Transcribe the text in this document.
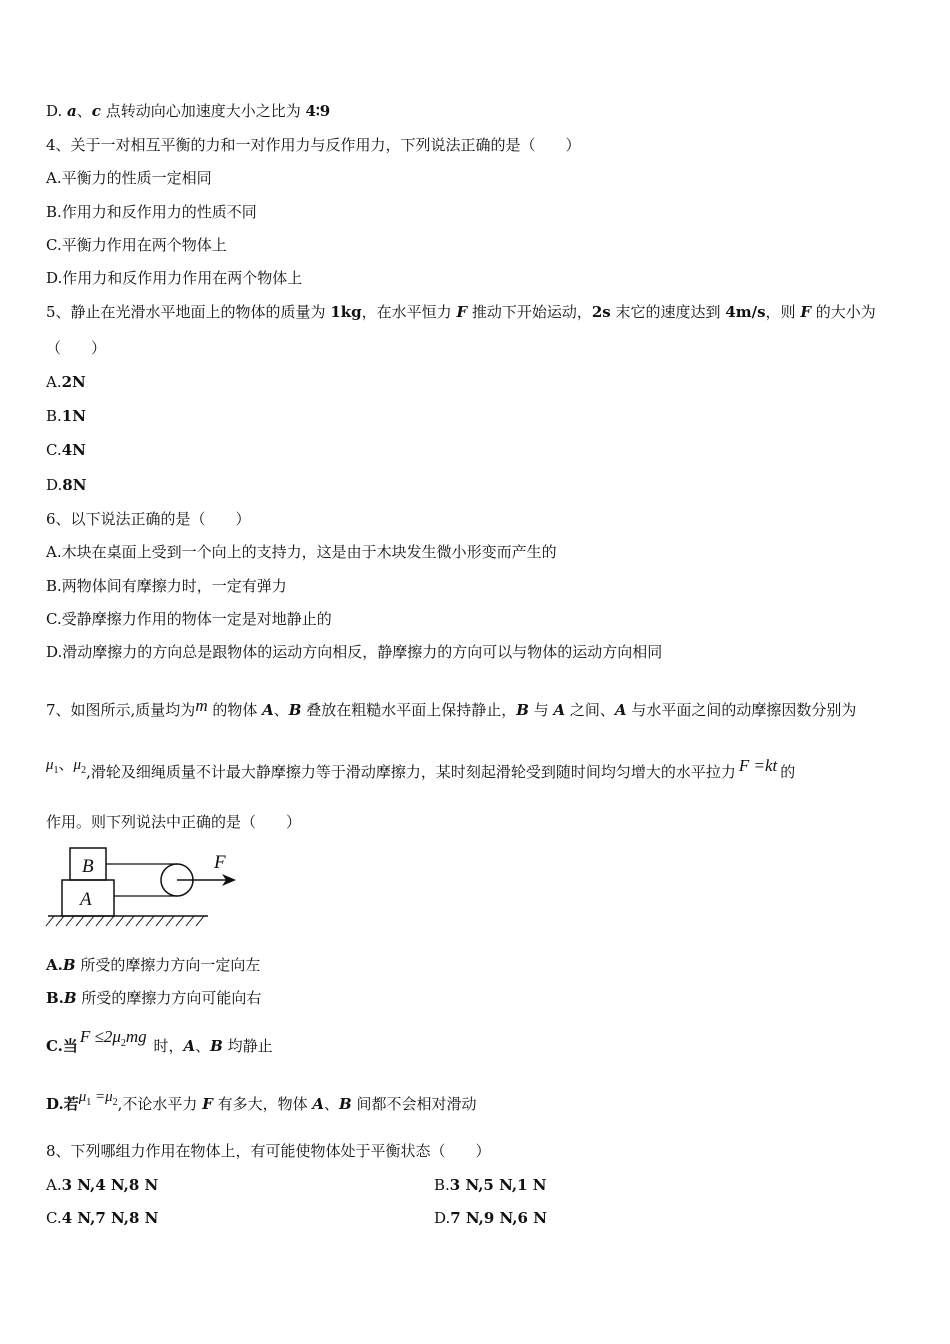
D. a、c 点转动向心加速度大小之比为 4∶9
4、关于一对相互平衡的力和一对作用力与反作用力，下列说法正确的是（　　）
A.平衡力的性质一定相同
B.作用力和反作用力的性质不同
C.平衡力作用在两个物体上
D.作用力和反作用力作用在两个物体上
5、静止在光滑水平地面上的物体的质量为 1kg，在水平恒力 F 推动下开始运动，2s 末它的速度达到 4m/s，则 F 的大小为
（　　）
A.2N
B.1N
C.4N
D.8N
6、以下说法正确的是（　　）
A.木块在桌面上受到一个向上的支持力，这是由于木块发生微小形变而产生的
B.两物体间有摩擦力时，一定有弹力
C.受静摩擦力作用的物体一定是对地静止的
D.滑动摩擦力的方向总是跟物体的运动方向相反，静摩擦力的方向可以与物体的运动方向相同
7、如图所示,质量均为m 的物体 A、B 叠放在粗糙水平面上保持静止，B 与 A 之间、A 与水平面之间的动摩擦因数分别为
$\mu_1$、$\mu_2$,滑轮及细绳质量不计最大静摩擦力等于滑动摩擦力，某时刻起滑轮受到随时间均匀增大的水平拉力 F =kt 的
作用。则下列说法中正确的是（　　）
B
A
F
A.B 所受的摩擦力方向一定向左
B.B 所受的摩擦力方向可能向右
C.当 $F \le 2\mu_2mg$ 时，A、B 均静止
D.若$\mu_1 =\mu_2$,不论水平力 F 有多大，物体 A、B 间都不会相对滑动
8、下列哪组力作用在物体上，有可能使物体处于平衡状态（　　）
A.3 N,4 N,8 N	B.3 N,5 N,1 N
C.4 N,7 N,8 N	D.7 N,9 N,6 N
